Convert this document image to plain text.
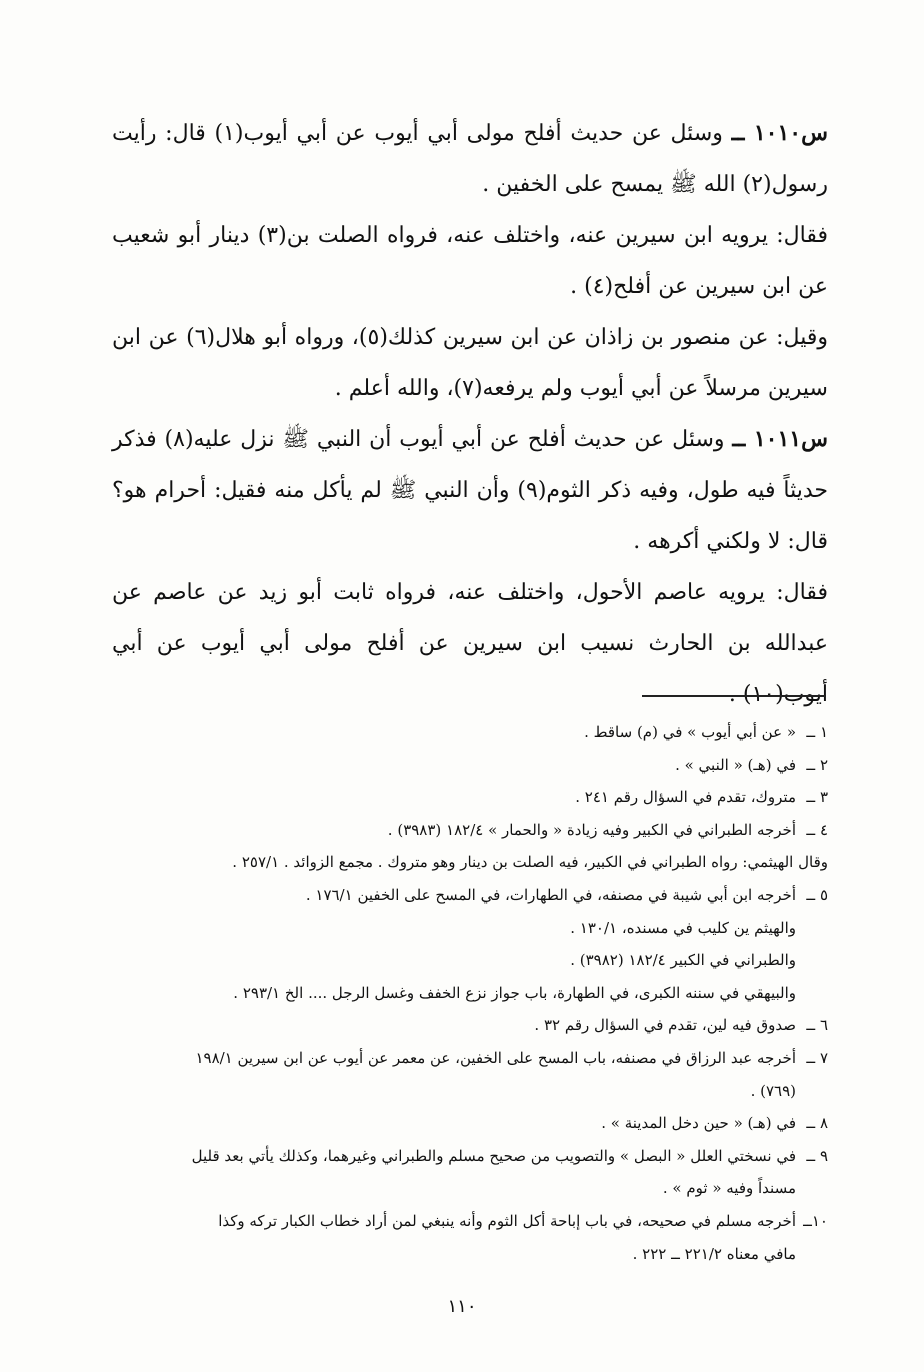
س١٠١٠ ــ وسئل عن حديث أفلح مولى أبي أيوب عن أبي أيوب(١) قال: رأيت رسول(٢) الله ﷺ يمسح على الخفين .

فقال: يرويه ابن سيرين عنه، واختلف عنه، فرواه الصلت بن(٣) دينار أبو شعيب عن ابن سيرين عن أفلح(٤) .

وقيل: عن منصور بن زاذان عن ابن سيرين كذلك(٥)، ورواه أبو هلال(٦) عن ابن سيرين مرسلاً عن أبي أيوب ولم يرفعه(٧)، والله أعلم .

س١٠١١ ــ وسئل عن حديث أفلح عن أبي أيوب أن النبي ﷺ نزل عليه(٨) فذكر حديثاً فيه طول، وفيه ذكر الثوم(٩) وأن النبي ﷺ لم يأكل منه فقيل: أحرام هو؟ قال: لا ولكني أكرهه .

فقال: يرويه عاصم الأحول، واختلف عنه، فرواه ثابت أبو زيد عن عاصم عن عبدالله بن الحارث نسيب ابن سيرين عن أفلح مولى أبي أيوب عن أبي أيوب(١٠) .

١ ــ
« عن أبي أيوب » في (م) ساقط .
٢ ــ
في (هـ) « النبي » .
٣ ــ
متروك، تقدم في السؤال رقم ٢٤١ .
٤ ــ
أخرجه الطبراني في الكبير وفيه زيادة « والحمار » ١٨٢/٤ (٣٩٨٣) .
وقال الهيثمي: رواه الطبراني في الكبير، فيه الصلت بن دينار وهو متروك . مجمع الزوائد . ٢٥٧/١ .
٥ ــ
أخرجه ابن أبي شيبة في مصنفه، في الطهارات، في المسح على الخفين ١٧٦/١ .
والهيثم ين كليب في مسنده، ١٣٠/١ .
والطبراني في الكبير ١٨٢/٤ (٣٩٨٢) .
والبيهقي في سننه الكبرى، في الطهارة، باب جواز نزع الخفف وغسل الرجل .... الخ ٢٩٣/١ .
٦ ــ
صدوق فيه لين، تقدم في السؤال رقم ٣٢ .
٧ ــ
أخرجه عبد الرزاق في مصنفه، باب المسح على الخفين، عن معمر عن أيوب عن ابن سيرين ١٩٨/١
(٧٦٩) .
٨ ــ
في (هـ) « حين دخل المدينة » .
٩ ــ
في نسختي العلل « البصل » والتصويب من صحيح مسلم والطبراني وغيرهما، وكذلك يأتي بعد قليل
مسنداً وفيه « ثوم » .
١٠ــ
أخرجه مسلم في صحيحه، في باب إباحة أكل الثوم وأنه ينبغي لمن أراد خطاب الكبار تركه وكذا
مافي معناه ٢٢١/٢ ــ ٢٢٢ .
١١٠
